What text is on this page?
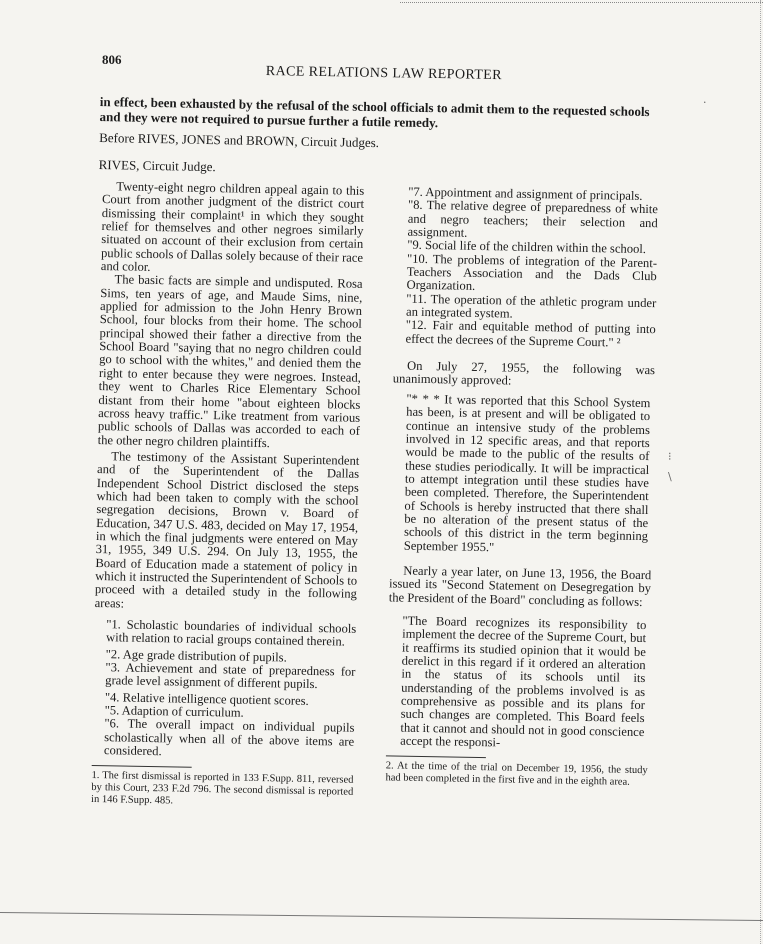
806
RACE RELATIONS LAW REPORTER

in effect, been exhausted by the refusal of the school officials to admit them to the requested schools and they were not required to pursue further a futile remedy.

Before RIVES, JONES and BROWN, Circuit Judges.

RIVES, Circuit Judge.

Twenty-eight negro children appeal again to this Court from another judgment of the district court dismissing their complaint¹ in which they sought relief for themselves and other negroes similarly situated on account of their exclusion from certain public schools of Dallas solely because of their race and color.

The basic facts are simple and undisputed. Rosa Sims, ten years of age, and Maude Sims, nine, applied for admission to the John Henry Brown School, four blocks from their home. The school principal showed their father a directive from the School Board "saying that no negro children could go to school with the whites," and denied them the right to enter because they were negroes. Instead, they went to Charles Rice Elementary School distant from their home "about eighteen blocks across heavy traffic." Like treatment from various public schools of Dallas was accorded to each of the other negro children plaintiffs.

The testimony of the Assistant Superintendent and of the Superintendent of the Dallas Independent School District disclosed the steps which had been taken to comply with the school segregation decisions, Brown v. Board of Education, 347 U.S. 483, decided on May 17, 1954, in which the final judgments were entered on May 31, 1955, 349 U.S. 294. On July 13, 1955, the Board of Education made a statement of policy in which it instructed the Superintendent of Schools to proceed with a detailed study in the following areas:

"1. Scholastic boundaries of individual schools with relation to racial groups contained therein.

"2. Age grade distribution of pupils.

"3. Achievement and state of preparedness for grade level assignment of different pupils.

"4. Relative intelligence quotient scores.

"5. Adaption of curriculum.

"6. The overall impact on individual pupils scholastically when all of the above items are considered.

1. The first dismissal is reported in 133 F.Supp. 811, reversed by this Court, 233 F.2d 796. The second dismissal is reported in 146 F.Supp. 485.

"7. Appointment and assignment of principals.

"8. The relative degree of preparedness of white and negro teachers; their selection and assignment.

"9. Social life of the children within the school.

"10. The problems of integration of the Parent-Teachers Association and the Dads Club Organization.

"11. The operation of the athletic program under an integrated system.

"12. Fair and equitable method of putting into effect the decrees of the Supreme Court." ²

On July 27, 1955, the following was unanimously approved:

"* * * It was reported that this School System has been, is at present and will be obligated to continue an intensive study of the problems involved in 12 specific areas, and that reports would be made to the public of the results of these studies periodically. It will be impractical to attempt integration until these studies have been completed. Therefore, the Superintendent of Schools is hereby instructed that there shall be no alteration of the present status of the schools of this district in the term beginning September 1955."

Nearly a year later, on June 13, 1956, the Board issued its "Second Statement on Desegregation by the President of the Board" concluding as follows:

"The Board recognizes its responsibility to implement the decree of the Supreme Court, but it reaffirms its studied opinion that it would be derelict in this regard if it ordered an alteration in the status of its schools until its understanding of the problems involved is as comprehensive as possible and its plans for such changes are completed. This Board feels that it cannot and should not in good conscience accept the responsi-

2. At the time of the trial on December 19, 1956, the study had been completed in the first five and in the eighth area.

·
⁝
\
